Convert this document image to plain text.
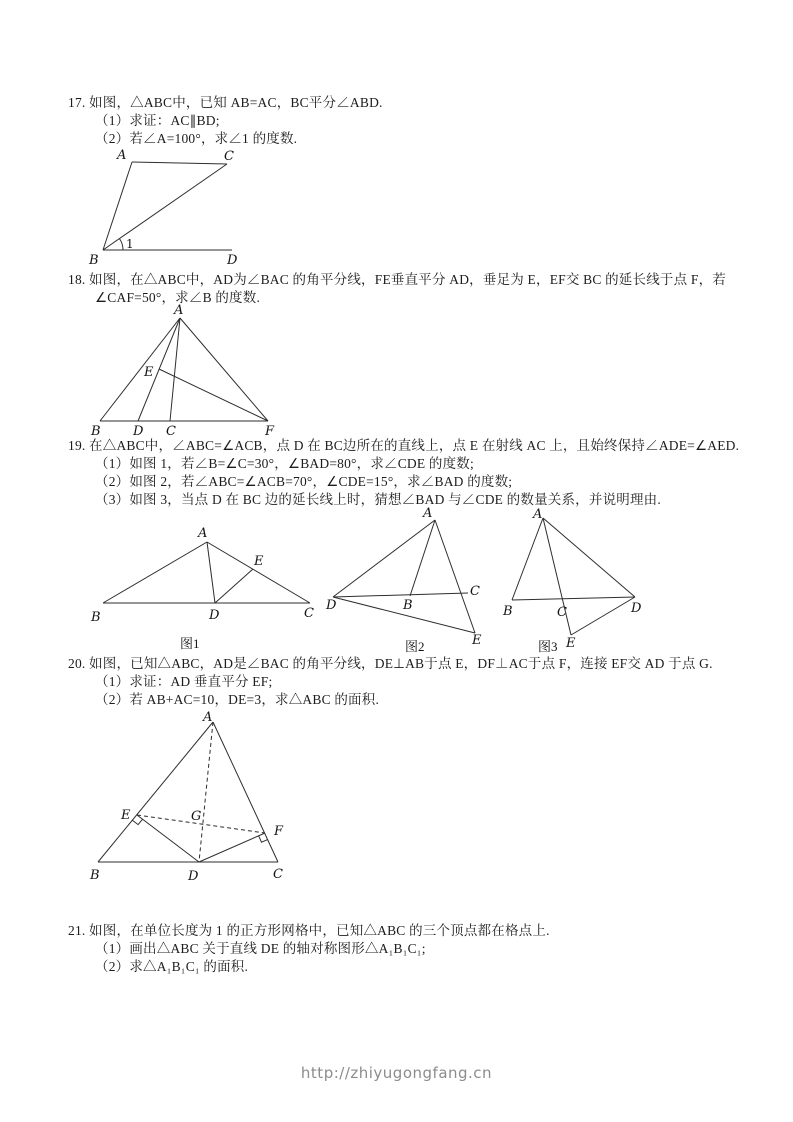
17. 如图，△ABC中，已知 AB=AC，BC平分∠ABD.
（1）求证：AC∥BD;
（2）若∠A=100°，求∠1 的度数.
A	C
B	D
1
18. 如图，在△ABC中，AD为∠BAC 的角平分线，FE垂直平分 AD，垂足为 E，EF交 BC 的延长线于点 F，若
∠CAF=50°，求∠B 的度数.
A
B D C	F
E
19. 在△ABC中，∠ABC=∠ACB，点 D 在 BC边所在的直线上，点 E 在射线 AC 上，且始终保持∠ADE=∠AED.
（1）如图 1，若∠B=∠C=30°，∠BAD=80°，求∠CDE 的度数;
（2）如图 2，若∠ABC=∠ACB=70°，∠CDE=15°，求∠BAD 的度数;
（3）如图 3，当点 D 在 BC 边的延长线上时，猜想∠BAD 与∠CDE 的数量关系，并说明理由.
A
B	D	C
E
图1
A
D	B
C
E
图2
A
B	C	D
E
图3
20. 如图，已知△ABC，AD是∠BAC 的角平分线，DE⊥AB于点 E，DF⊥AC于点 F，连接 EF交 AD 于点 G.
（1）求证：AD 垂直平分 EF;
（2）若 AB+AC=10，DE=3，求△ABC 的面积.
A
B	D	C
E	G
F
21. 如图，在单位长度为 1 的正方形网格中，已知△ABC 的三个顶点都在格点上.
（1）画出△ABC 关于直线 DE 的轴对称图形△A₁B₁C₁;
（2）求△A₁B₁C₁ 的面积.
http://zhiyugongfang.cn
